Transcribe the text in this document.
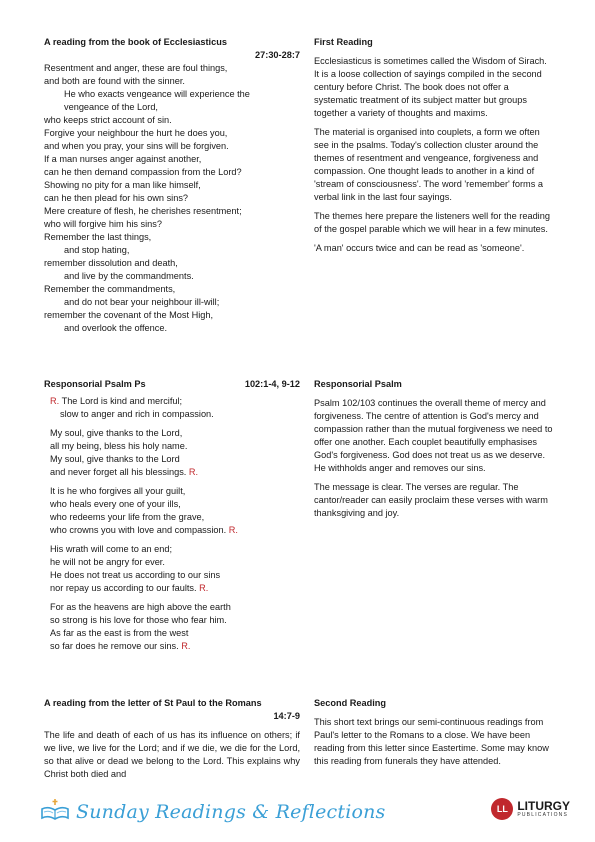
A reading from the book of Ecclesiasticus
27:30-28:7
Resentment and anger, these are foul things,
and both are found with the sinner.
He who exacts vengeance will experience the
vengeance of the Lord,
who keeps strict account of sin.
Forgive your neighbour the hurt he does you,
and when you pray, your sins will be forgiven.
If a man nurses anger against another,
can he then demand compassion from the Lord?
Showing no pity for a man like himself,
can he then plead for his own sins?
Mere creature of flesh, he cherishes resentment;
who will forgive him his sins?
Remember the last things,
and stop hating,
remember dissolution and death,
and live by the commandments.
Remember the commandments,
and do not bear your neighbour ill-will;
remember the covenant of the Most High,
and overlook the offence.
First Reading
Ecclesiasticus is sometimes called the Wisdom of Sirach. It is a loose collection of sayings compiled in the second century before Christ. The book does not offer a systematic treatment of its subject matter but groups together a variety of thoughts and maxims.
The material is organised into couplets, a form we often see in the psalms. Today's collection cluster around the themes of resentment and vengeance, forgiveness and compassion. One thought leads to another in a kind of 'stream of consciousness'. The word 'remember' forms a verbal link in the last four sayings.
The themes here prepare the listeners well for the reading of the gospel parable which we will hear in a few minutes.
'A man' occurs twice and can be read as 'someone'.
Responsorial Psalm Ps	102:1-4, 9-12
R. The Lord is kind and merciful;
slow to anger and rich in compassion.
My soul, give thanks to the Lord,
all my being, bless his holy name.
My soul, give thanks to the Lord
and never forget all his blessings. R.
It is he who forgives all your guilt,
who heals every one of your ills,
who redeems your life from the grave,
who crowns you with love and compassion. R.
His wrath will come to an end;
he will not be angry for ever.
He does not treat us according to our sins
nor repay us according to our faults. R.
For as the heavens are high above the earth
so strong is his love for those who fear him.
As far as the east is from the west
so far does he remove our sins. R.
Responsorial Psalm
Psalm 102/103 continues the overall theme of mercy and forgiveness. The centre of attention is God's mercy and compassion rather than the mutual forgiveness we need to offer one another. Each couplet beautifully emphasises God's forgiveness. God does not treat us as we deserve. He withholds anger and removes our sins.
The message is clear. The verses are regular. The cantor/reader can easily proclaim these verses with warm thanksgiving and joy.
A reading from the letter of St Paul to the Romans
14:7-9
The life and death of each of us has its influence on others; if we live, we live for the Lord; and if we die, we die for the Lord, so that alive or dead we belong to the Lord. This explains why Christ both died and
Second Reading
This short text brings our semi-continuous readings from Paul's letter to the Romans to a close. We have been reading from this letter since Eastertime. Some may know this reading from funerals they have attended.
Sunday Readings & Reflections	LL LITURGY
PUBLICATIONS
